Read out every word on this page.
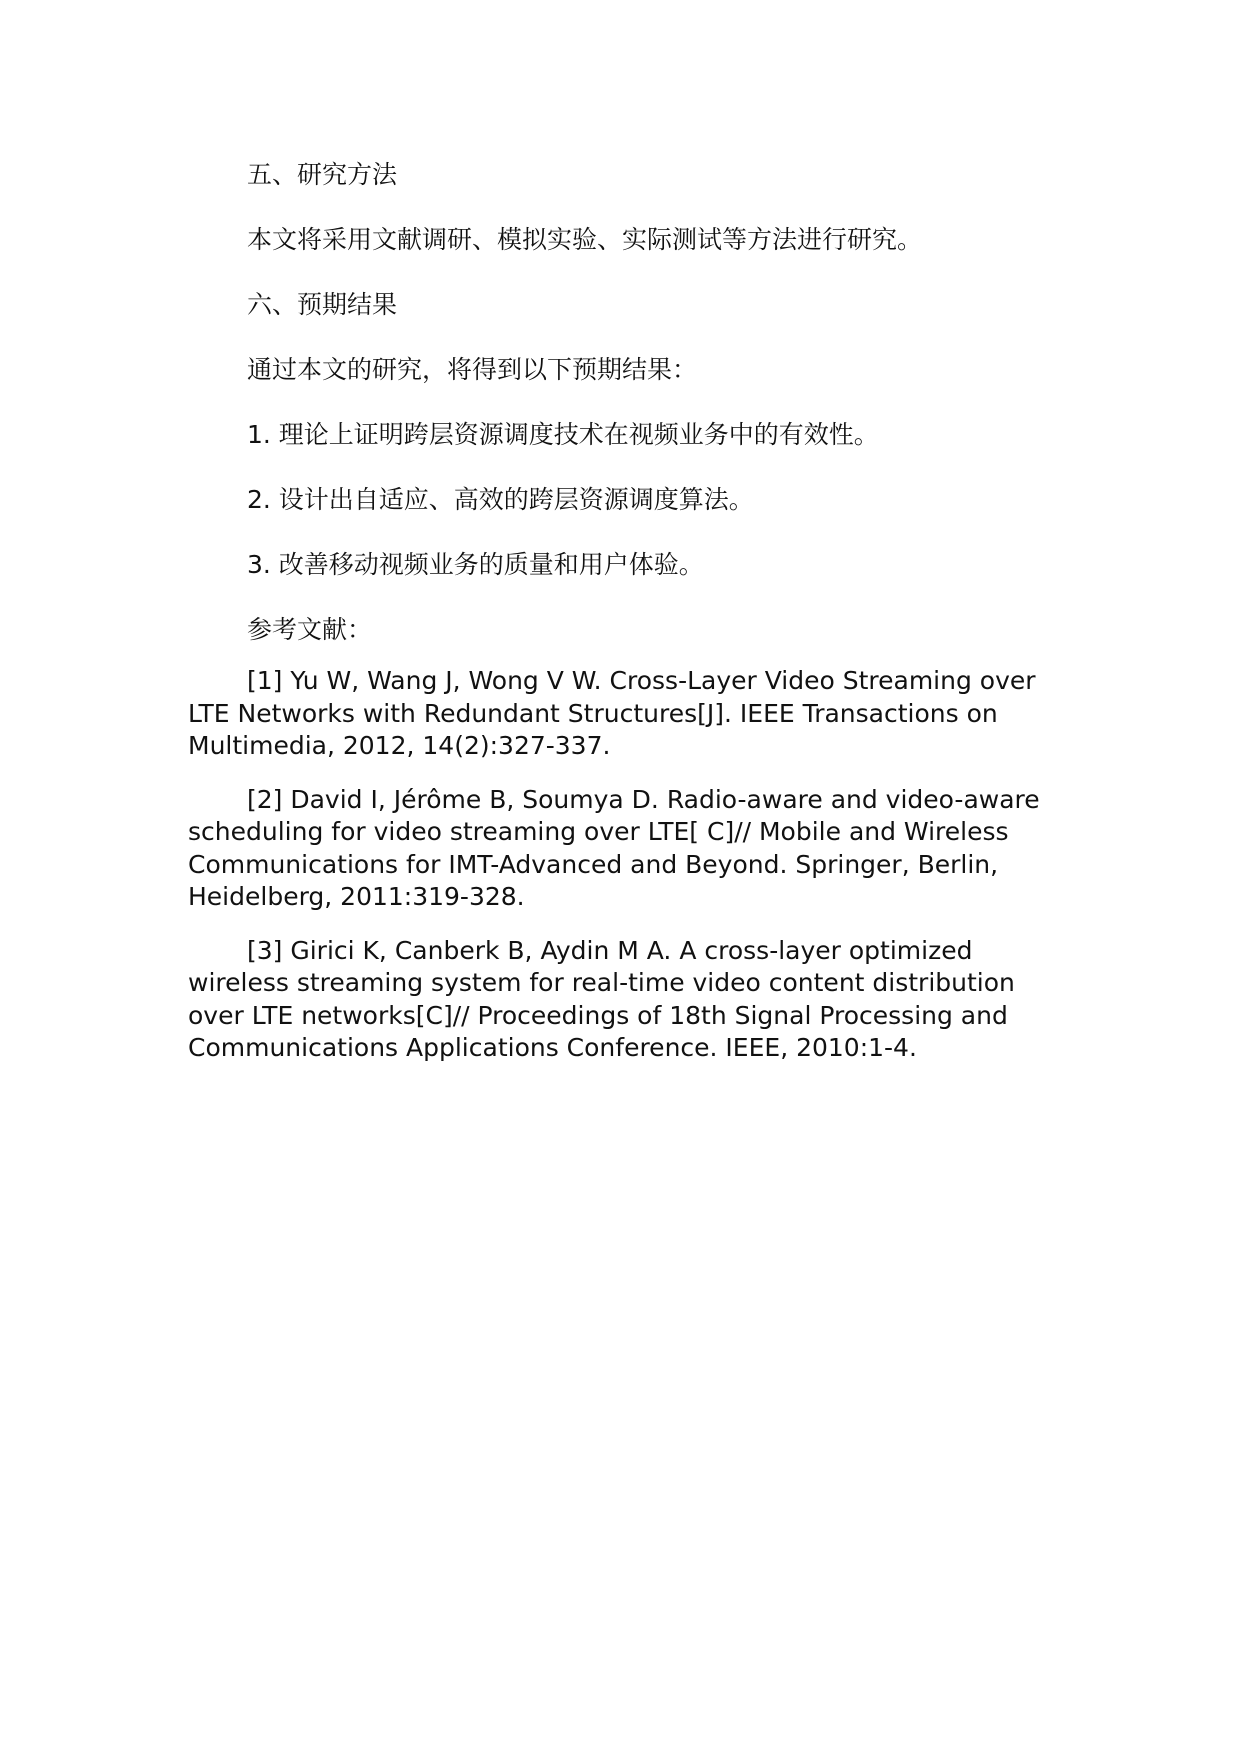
五、研究方法

本文将采用文献调研、模拟实验、实际测试等方法进行研究。

六、预期结果

通过本文的研究，将得到以下预期结果：

1. 理论上证明跨层资源调度技术在视频业务中的有效性。

2. 设计出自适应、高效的跨层资源调度算法。

3. 改善移动视频业务的质量和用户体验。

参考文献：

[1] Yu W, Wang J, Wong V W. Cross-Layer Video Streaming over LTE Networks with Redundant Structures[J]. IEEE Transactions on Multimedia, 2012, 14(2):327-337.

[2] David I, Jérôme B, Soumya D. Radio-aware and video-aware scheduling for video streaming over LTE[ C]// Mobile and Wireless Communications for IMT-Advanced and Beyond. Springer, Berlin, Heidelberg, 2011:319-328.

[3] Girici K, Canberk B, Aydin M A. A cross-layer optimized wireless streaming system for real-time video content distribution over LTE networks[C]// Proceedings of 18th Signal Processing and Communications Applications Conference. IEEE, 2010:1-4.
